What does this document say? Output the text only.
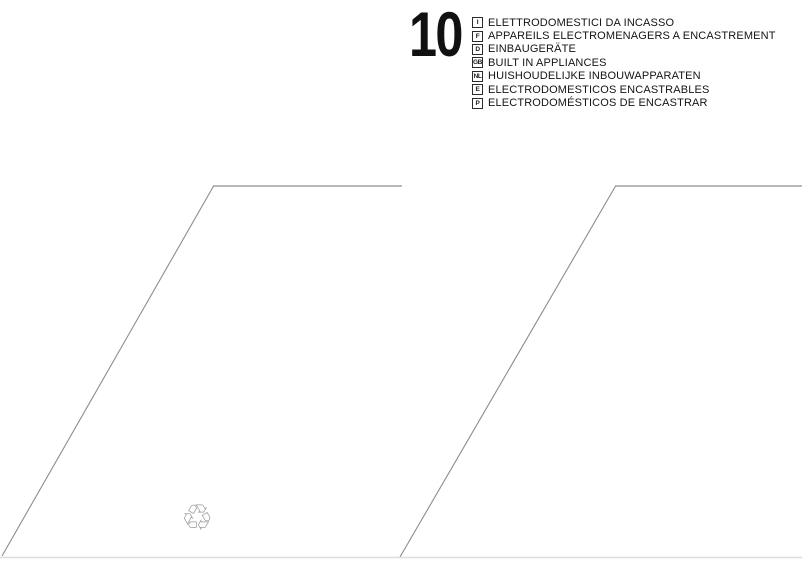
10	I ELETTRODOMESTICI DA INCASSO
F APPAREILS ELECTROMENAGERS A ENCASTREMENT
D EINBAUGERÄTE
GB BUILT IN APPLIANCES
NL HUISHOUDELIJKE INBOUWAPPARATEN
E ELECTRODOMESTICOS ENCASTRABLES
P ELECTRODOMÉSTICOS DE ENCASTRAR
♲
